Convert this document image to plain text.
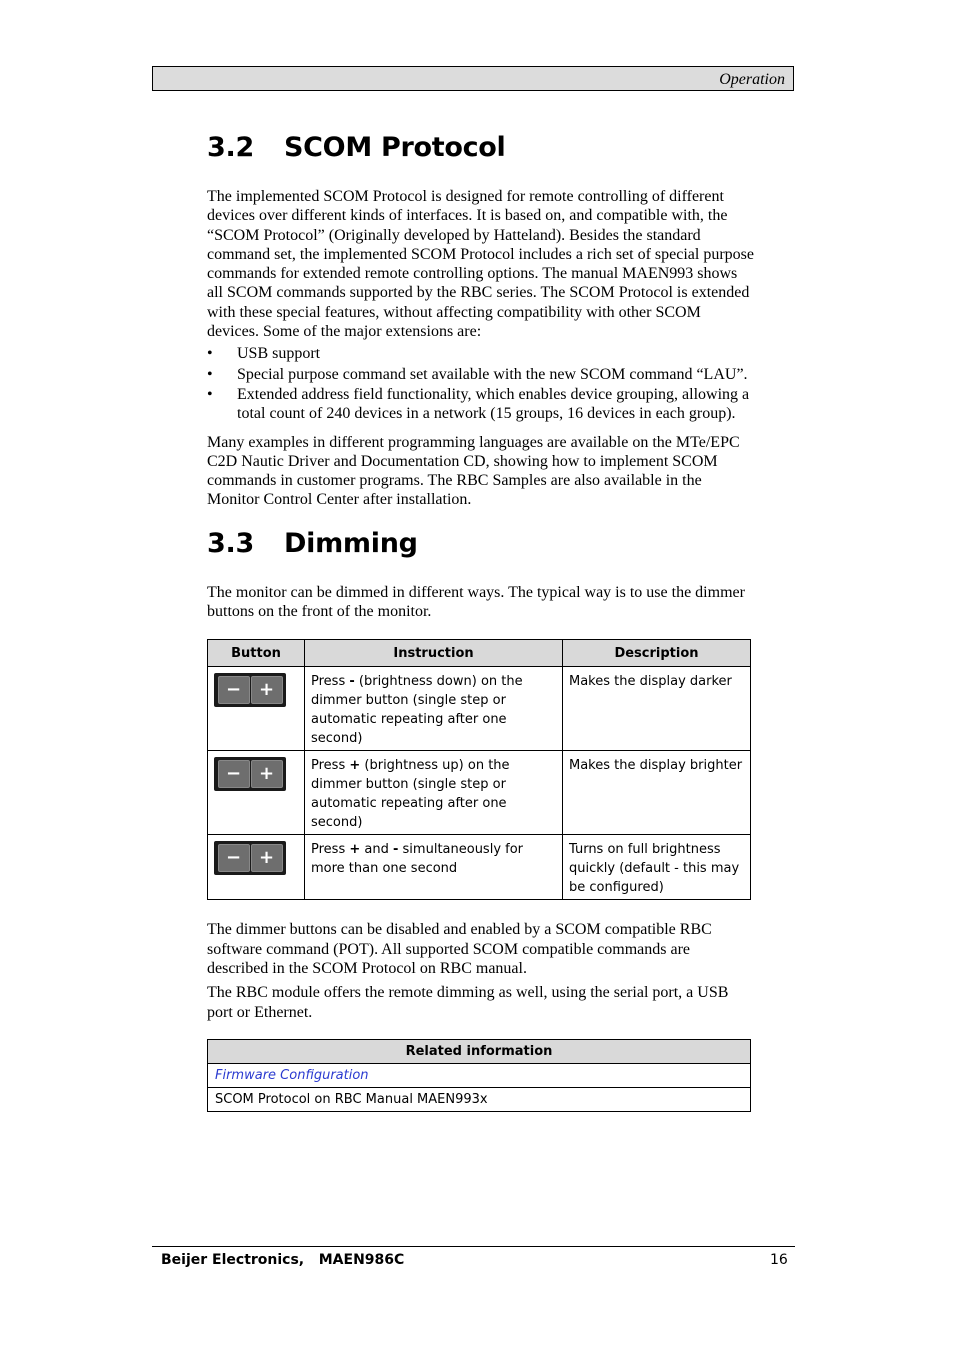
Operation
3.2 SCOM Protocol

The implemented SCOM Protocol is designed for remote controlling of different devices over different kinds of interfaces. It is based on, and compatible with, the “SCOM Protocol” (Originally developed by Hatteland). Besides the standard command set, the implemented SCOM Protocol includes a rich set of special purpose commands for extended remote controlling options. The manual MAEN993 shows all SCOM commands supported by the RBC series. The SCOM Protocol is extended with these special features, without affecting compatibility with other SCOM devices. Some of the major extensions are:

• USB support
• Special purpose command set available with the new SCOM command “LAU”.
• Extended address field functionality, which enables device grouping, allowing a total count of 240 devices in a network (15 groups, 16 devices in each group).

Many examples in different programming languages are available on the MTe/EPC C2D Nautic Driver and Documentation CD, showing how to implement SCOM commands in customer programs. The RBC Samples are also available in the Monitor Control Center after installation.

3.3 Dimming

The monitor can be dimmed in different ways. The typical way is to use the dimmer buttons on the front of the monitor.

Button	Instruction	Description

− +	Press - (brightness down) on the dimmer button (single step or automatic repeating after one second)	Makes the display darker

− +	Press + (brightness up) on the dimmer button (single step or automatic repeating after one second)	Makes the display brighter

− +	Press + and - simultaneously for more than one second	Turns on full brightness quickly (default - this may be configured)

The dimmer buttons can be disabled and enabled by a SCOM compatible RBC software command (POT). All supported SCOM compatible commands are described in the SCOM Protocol on RBC manual.

The RBC module offers the remote dimming as well, using the serial port, a USB port or Ethernet.

Related information
Firmware Configuration
SCOM Protocol on RBC Manual MAEN993x
Beijer Electronics,   MAEN986C	16
